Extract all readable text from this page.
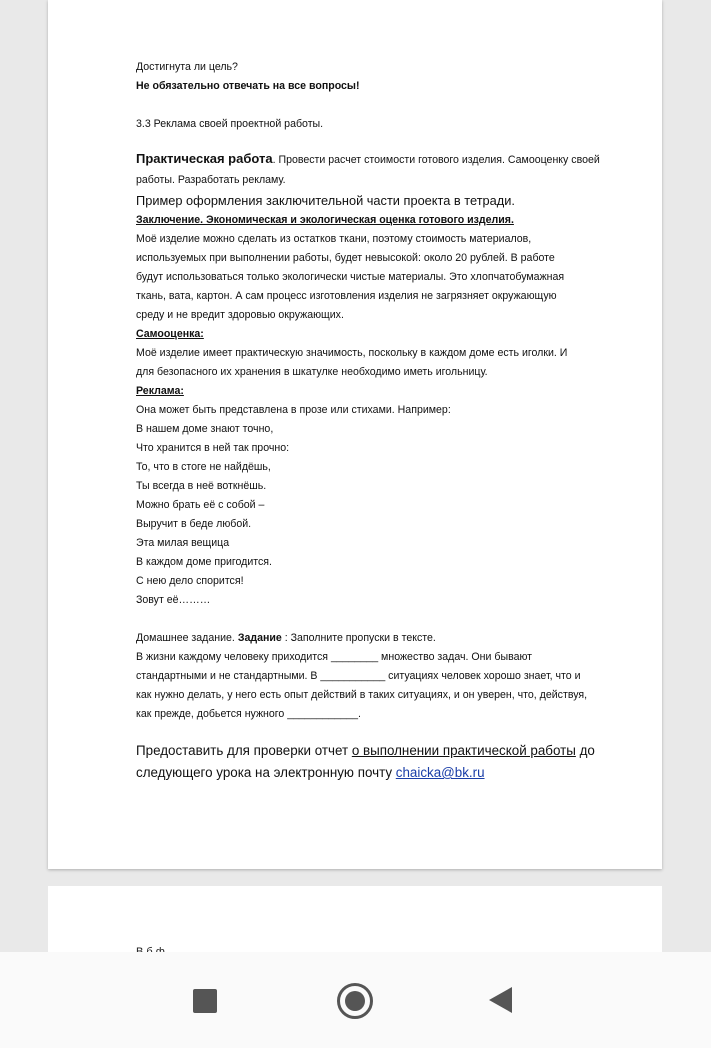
Достигнута ли цель?
Не обязательно отвечать на все вопросы!
3.3 Реклама своей проектной работы.
Практическая работа. Провести расчет стоимости готового изделия. Самооценку своей
работы. Разработать рекламу.
Пример оформления заключительной части проекта в тетради.
Заключение. Экономическая и экологическая оценка готового изделия.
Моё изделие можно сделать из остатков ткани, поэтому стоимость материалов,
используемых при выполнении работы, будет невысокой: около 20 рублей. В работе
будут использоваться только экологически чистые материалы. Это хлопчатобумажная
ткань, вата, картон. А сам процесс изготовления изделия не загрязняет окружающую
среду и не вредит здоровью окружающих.
Самооценка:
Моё изделие имеет практическую значимость, поскольку в каждом доме есть иголки. И
для безопасного их хранения в шкатулке необходимо иметь игольницу.
Реклама:
Она может быть представлена в прозе или стихами. Например:
В нашем доме знают точно,
Что хранится в ней так прочно:
То, что в стоге не найдёшь,
Ты всегда в неё воткнёшь.
Можно брать её с собой –
Выручит в беде любой.
Эта милая вещица
В каждом доме пригодится.
С нею дело спорится!
Зовут её………
Домашнее задание. Задание : Заполните пропуски в тексте.
В жизни каждому человеку приходится ________ множество задач. Они бывают
стандартными и не стандартными. В ___________ ситуациях человек хорошо знает, что и
как нужно делать, у него есть опыт действий в таких ситуациях, и он уверен, что, действуя,
как прежде, добьется нужного ____________.
Предоставить для проверки отчет о выполнении практической работы до
следующего урока на электронную почту chaicka@bk.ru
